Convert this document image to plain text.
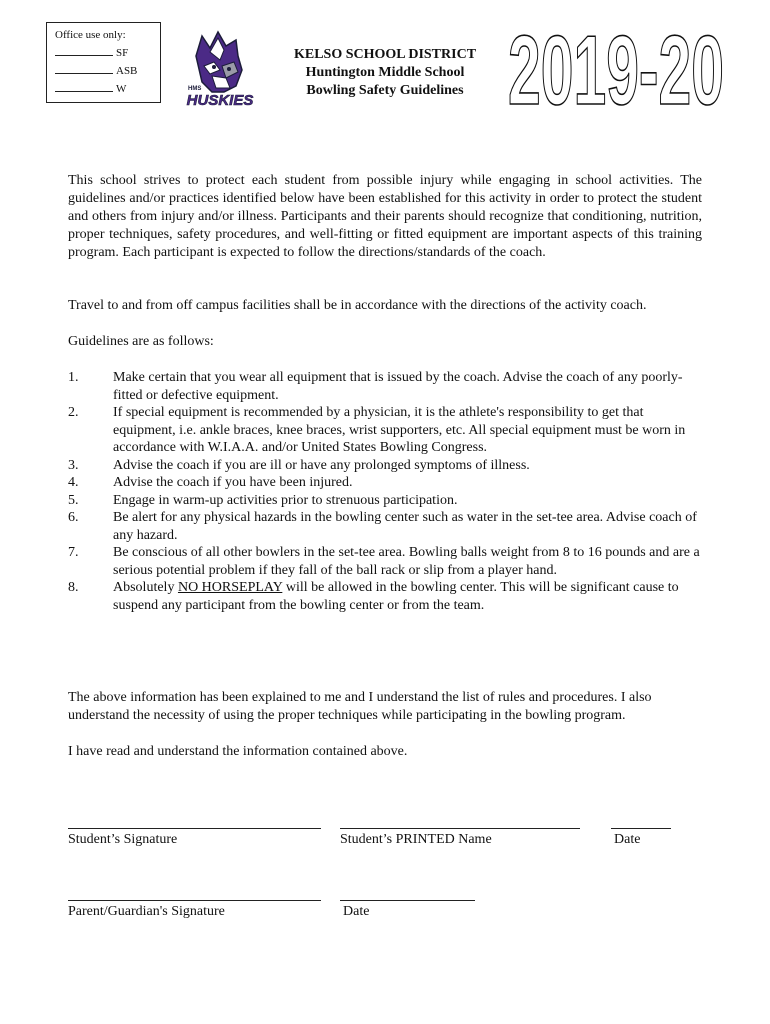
Office use only:
SF
ASB
W	HMS
HUSKIES
KELSO SCHOOL DISTRICT
Huntington Middle School
Bowling Safety Guidelines 2019-20
This school strives to protect each student from possible injury while engaging in school activities. The guidelines and/or practices identified below have been established for this activity in order to protect the student and others from injury and/or illness. Participants and their parents should recognize that conditioning, nutrition, proper techniques, safety procedures, and well-fitting or fitted equipment are important aspects of this training program. Each participant is expected to follow the directions/standards of the coach.
Travel to and from off campus facilities shall be in accordance with the directions of the activity coach.
Guidelines are as follows:
1.	Make certain that you wear all equipment that is issued by the coach. Advise the coach of any poorly-fitted or defective equipment.
2.	If special equipment is recommended by a physician, it is the athlete's responsibility to get that equipment, i.e. ankle braces, knee braces, wrist supporters, etc. All special equipment must be worn in accordance with W.I.A.A. and/or United States Bowling Congress.
3.	Advise the coach if you are ill or have any prolonged symptoms of illness.
4.	Advise the coach if you have been injured.
5.	Engage in warm-up activities prior to strenuous participation.
6.	Be alert for any physical hazards in the bowling center such as water in the set-tee area. Advise coach of any hazard.
7.	Be conscious of all other bowlers in the set-tee area. Bowling balls weight from 8 to 16 pounds and are a serious potential problem if they fall of the ball rack or slip from a player hand.
8.	Absolutely NO HORSEPLAY will be allowed in the bowling center. This will be significant cause to suspend any participant from the bowling center or from the team.
The above information has been explained to me and I understand the list of rules and procedures. I also understand the necessity of using the proper techniques while participating in the bowling program.
I have read and understand the information contained above.
Student’s Signature	Student’s PRINTED Name	Date
Parent/Guardian's Signature	Date
